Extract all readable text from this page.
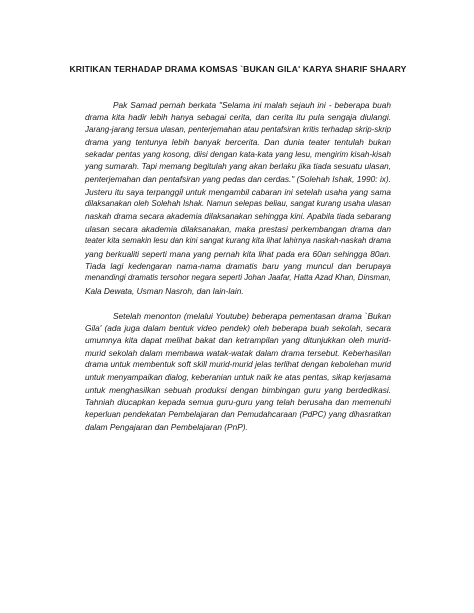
KRITIKAN TERHADAP DRAMA KOMSAS `BUKAN GILA' KARYA SHARIF SHAARY
Pak Samad pernah berkata "Selama ini malah sejauh ini - beberapa buah
drama kita hadir lebih hanya sebagai cerita, dan cerita itu pula sengaja diulangi.
Jarang-jarang tersua ulasan, penterjemahan atau pentafsiran kritis terhadap skrip-skrip
drama yang tentunya lebih banyak bercerita. Dan dunia teater tentulah bukan
sekadar pentas yang kosong, diisi dengan kata-kata yang lesu, mengirim kisah-kisah
yang sumarah. Tapi memang begitulah yang akan berlaku jika tiada sesuatu ulasan,
penterjemahan dan pentafsiran yang pedas dan cerdas." (Solehah Ishak, 1990: ix).
Justeru itu saya terpanggil untuk mengambil cabaran ini setelah usaha yang sama
dilaksanakan oleh Solehah Ishak. Namun selepas beliau, sangat kurang usaha ulasan
naskah drama secara akademia dilaksanakan sehingga kini. Apabila tiada sebarang
ulasan secara akademia dilaksanakan, maka prestasi perkembangan drama dan
teater kita semakin lesu dan kini sangat kurang kita lihat lahirnya naskah-naskah drama
yang berkualiti seperti mana yang pernah kita lihat pada era 60an sehingga 80an.
Tiada lagi kedengaran nama-nama dramatis baru yang muncul dan berupaya
menandingi dramatis tersohor negara seperti Johan Jaafar, Hatta Azad Khan, Dinsman,
Kala Dewata, Usman Nasroh, dan lain-lain.
Setelah menonton (melalui Youtube) beberapa pementasan drama `Bukan
Gila' (ada juga dalam bentuk video pendek) oleh beberapa buah sekolah, secara
umumnya kita dapat melihat bakat dan ketrampilan yang ditunjukkan oleh murid-
murid sekolah dalam membawa watak-watak dalam drama tersebut. Keberhasilan
drama untuk membentuk soft skill murid-murid jelas terlihat dengan kebolehan murid
untuk menyampaikan dialog, keberanian untuk naik ke atas pentas, sikap kerjasama
untuk menghasilkan sebuah produksi dengan bimbingan guru yang berdedikasi.
Tahniah diucapkan kepada semua guru-guru yang telah berusaha dan memenuhi
keperluan pendekatan Pembelajaran dan Pemudahcaraan (PdPC) yang dihasratkan
dalam Pengajaran dan Pembelajaran (PnP).
